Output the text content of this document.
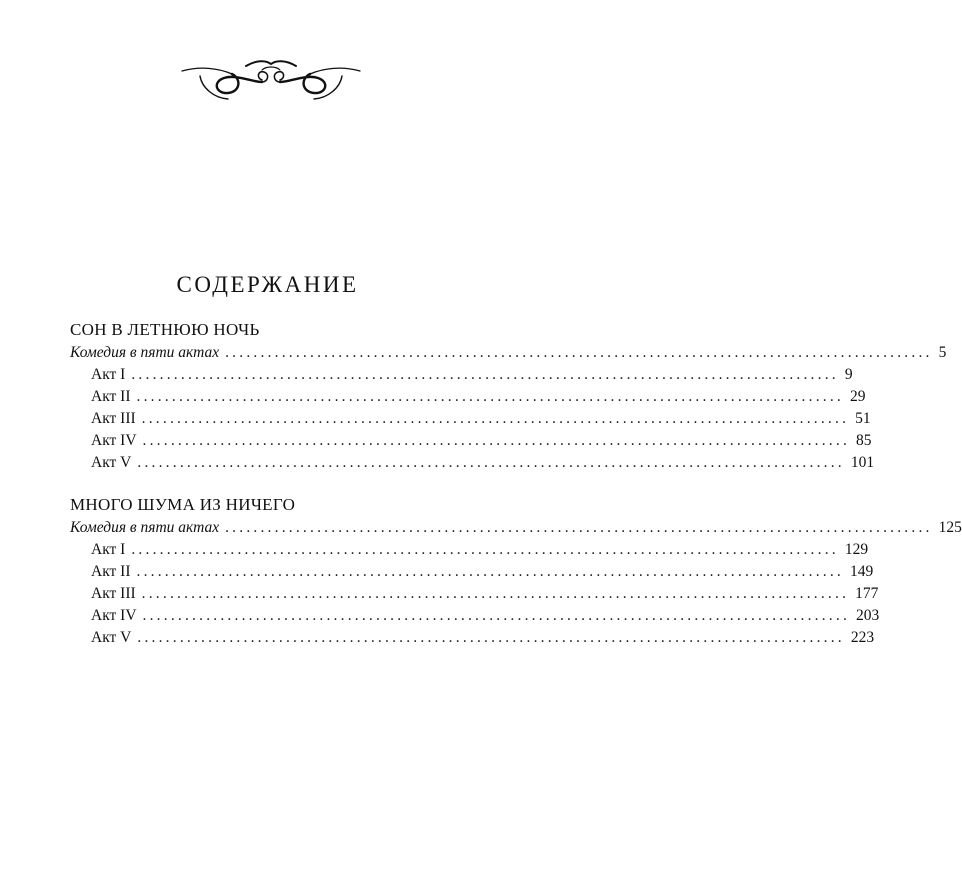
СОДЕРЖАНИЕ
СОН В ЛЕТНЮЮ НОЧЬ
Комедия в пяти актах .................................................................................................... 5
Акт I .................................................................................................... 9
Акт II .................................................................................................... 29
Акт III .................................................................................................... 51
Акт IV .................................................................................................... 85
Акт V .................................................................................................... 101
МНОГО ШУМА ИЗ НИЧЕГО
Комедия в пяти актах .................................................................................................... 125
Акт I .................................................................................................... 129
Акт II .................................................................................................... 149
Акт III .................................................................................................... 177
Акт IV .................................................................................................... 203
Акт V .................................................................................................... 223
